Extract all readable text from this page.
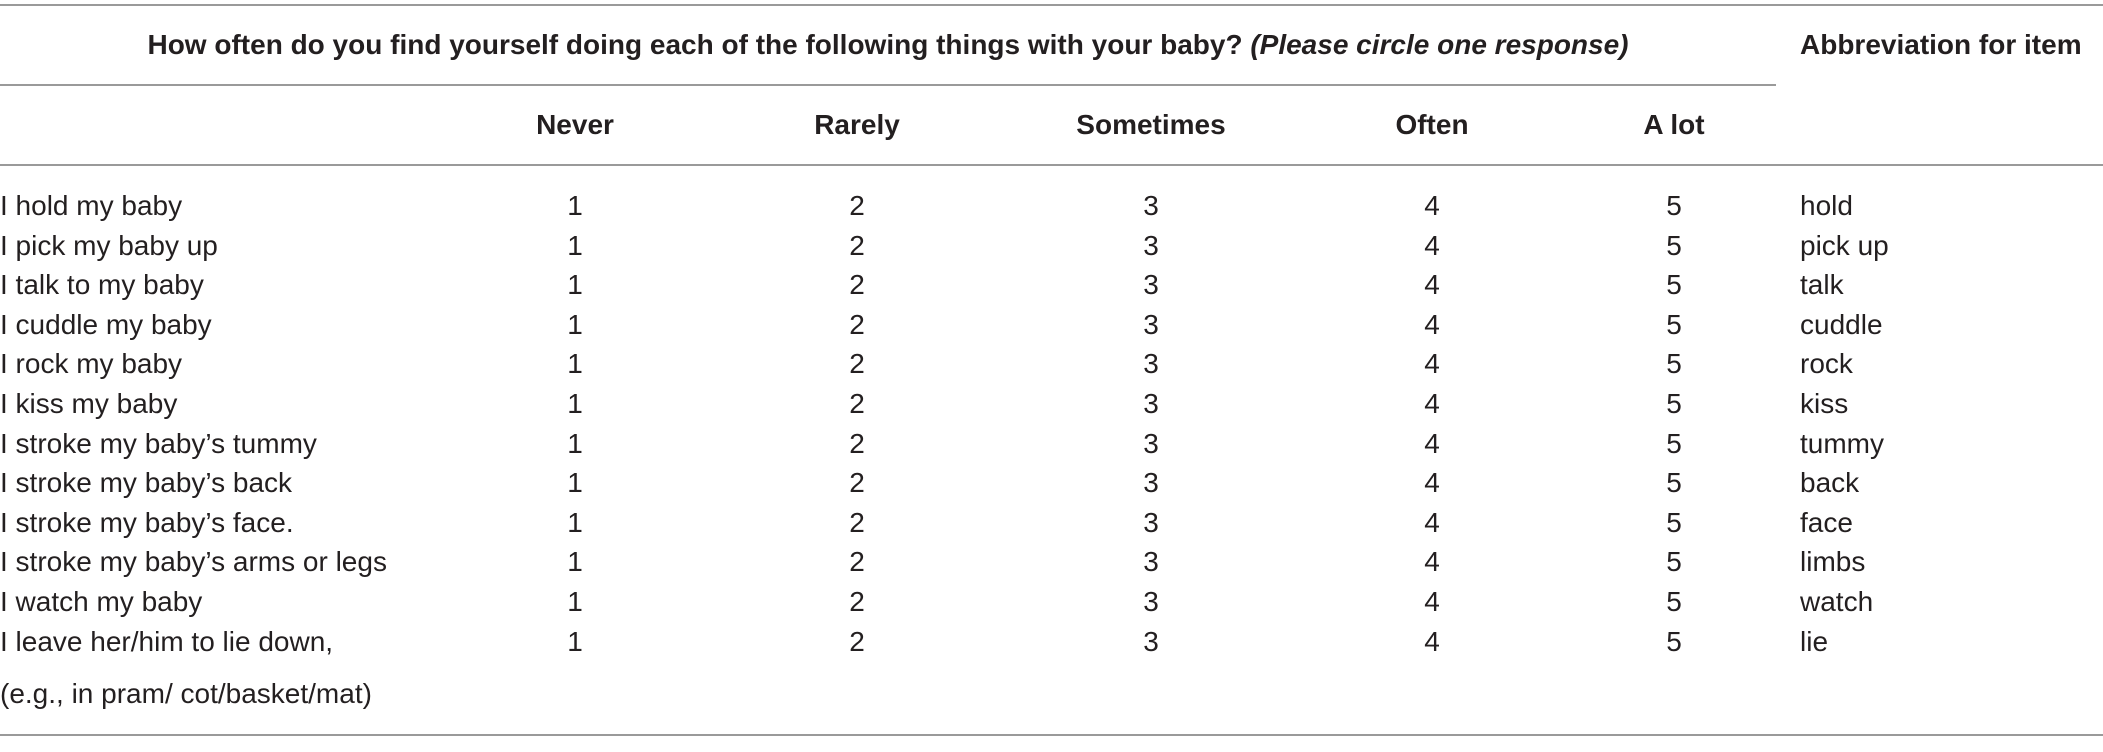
How often do you find yourself doing each of the following things with your baby? (Please circle one response)	Abbreviation for item
Never	Rarely	Sometimes	Often	A lot
I hold my baby	1	2	3	4	5	hold
I pick my baby up	1	2	3	4	5	pick up
I talk to my baby	1	2	3	4	5	talk
I cuddle my baby	1	2	3	4	5	cuddle
I rock my baby	1	2	3	4	5	rock
I kiss my baby	1	2	3	4	5	kiss
I stroke my baby’s tummy	1	2	3	4	5	tummy
I stroke my baby’s back	1	2	3	4	5	back
I stroke my baby’s face.	1	2	3	4	5	face
I stroke my baby’s arms or legs	1	2	3	4	5	limbs
I watch my baby	1	2	3	4	5	watch
I leave her/him to lie down,	1	2	3	4	5	lie
(e.g., in pram/ cot/basket/mat)
